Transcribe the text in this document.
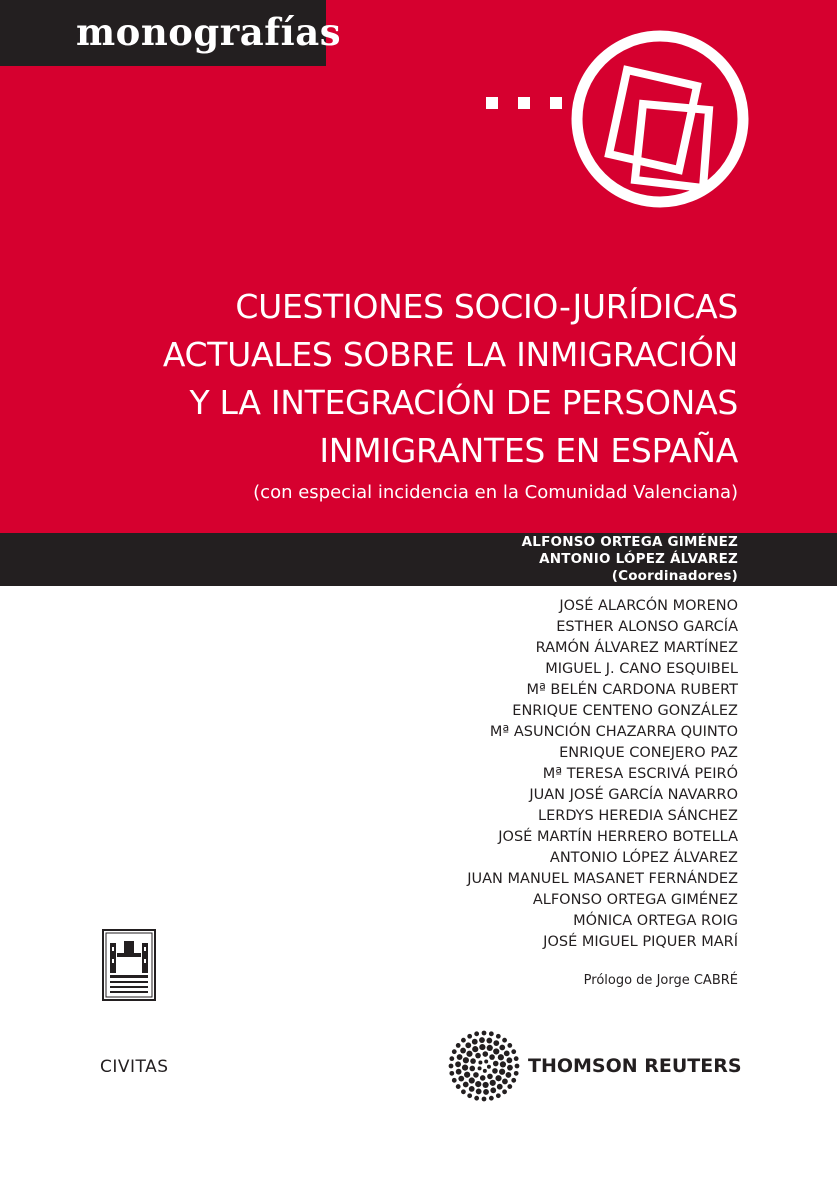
monografías
CUESTIONES SOCIO-JURÍDICAS
ACTUALES SOBRE LA INMIGRACIÓN
Y LA INTEGRACIÓN DE PERSONAS
INMIGRANTES EN ESPAÑA
(con especial incidencia en la Comunidad Valenciana)
ALFONSO ORTEGA GIMÉNEZ
ANTONIO LÓPEZ ÁLVAREZ
(Coordinadores)
JOSÉ ALARCÓN MORENO
ESTHER ALONSO GARCÍA
RAMÓN ÁLVAREZ MARTÍNEZ
MIGUEL J. CANO ESQUIBEL
Mª BELÉN CARDONA RUBERT
ENRIQUE CENTENO GONZÁLEZ
Mª ASUNCIÓN CHAZARRA QUINTO
ENRIQUE CONEJERO PAZ
Mª TERESA ESCRIVÁ PEIRÓ
JUAN JOSÉ GARCÍA NAVARRO
LERDYS HEREDIA SÁNCHEZ
JOSÉ MARTÍN HERRERO BOTELLA
ANTONIO LÓPEZ ÁLVAREZ
JUAN MANUEL MASANET FERNÁNDEZ
ALFONSO ORTEGA GIMÉNEZ
MÓNICA ORTEGA ROIG
JOSÉ MIGUEL PIQUER MARÍ
Prólogo de Jorge CABRÉ
CIVITAS	THOMSON REUTERS
